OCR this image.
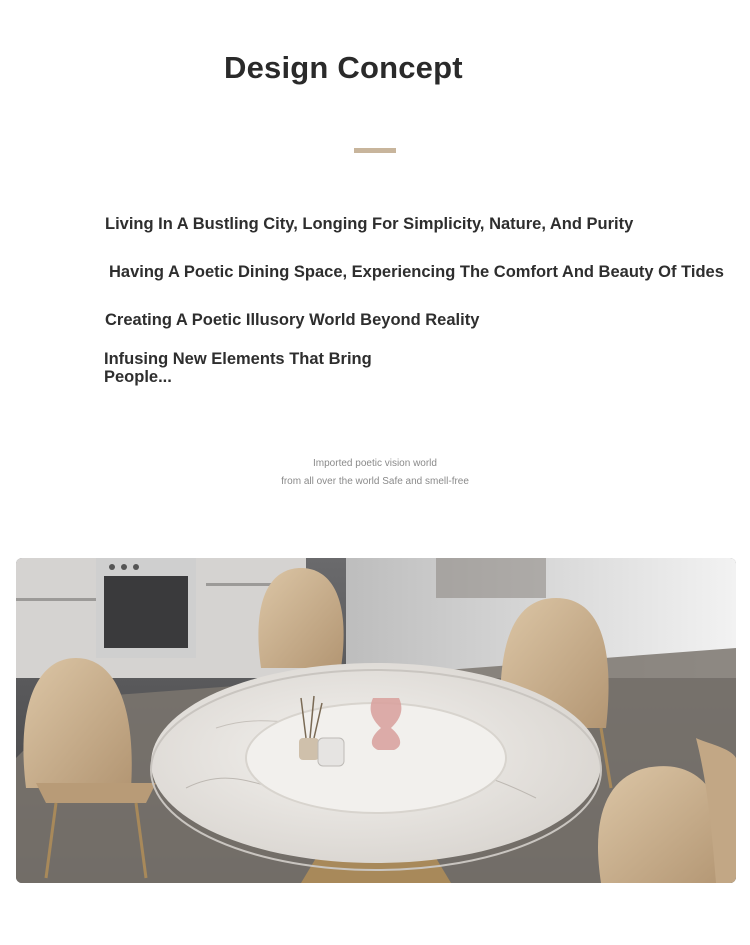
Design Concept
Living In A Bustling City, Longing For Simplicity, Nature, And Purity
Having A Poetic Dining Space, Experiencing The Comfort And Beauty Of Tides
Creating A Poetic Illusory World Beyond Reality
Infusing New Elements That Bring People...
Imported poetic vision world
from all over the world Safe and smell-free
